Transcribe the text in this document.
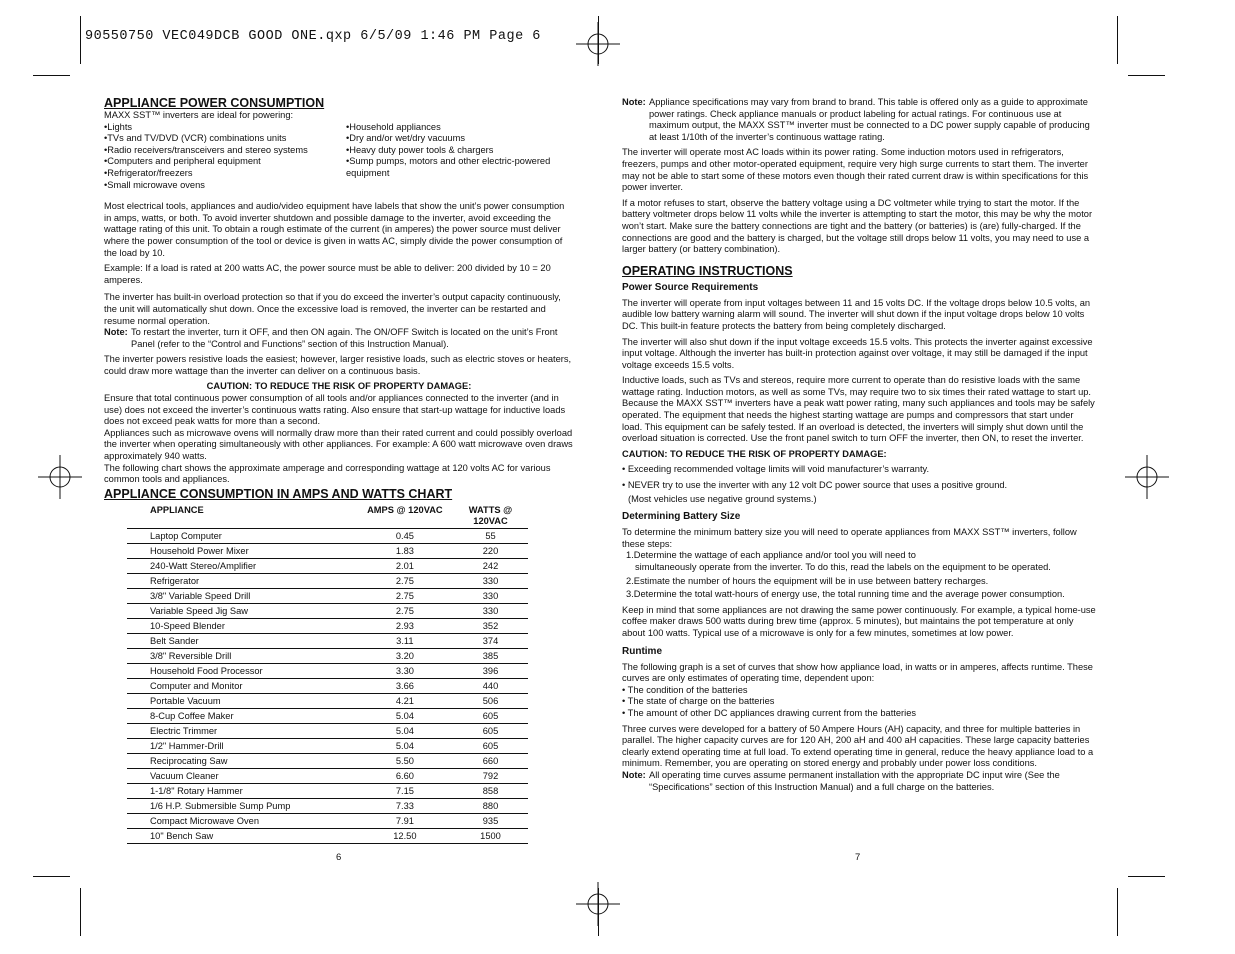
90550750 VEC049DCB GOOD ONE.qxp 6/5/09 1:46 PM Page 6
APPLIANCE POWER CONSUMPTION

MAXX SST™ inverters are ideal for powering:

•Lights
•TVs and TV/DVD (VCR) combinations units
•Radio receivers/transceivers and stereo systems
•Computers and peripheral equipment
•Refrigerator/freezers
•Small microwave ovens
•Household appliances
•Dry and/or wet/dry vacuums
•Heavy duty power tools & chargers
•Sump pumps, motors and other electric-powered equipment

Most electrical tools, appliances and audio/video equipment have labels that show the unit’s power consumption in amps, watts, or both. To avoid inverter shutdown and possible damage to the inverter, avoid exceeding the wattage rating of this unit. To obtain a rough estimate of the current (in amperes) the power source must deliver where the power consumption of the tool or device is given in watts AC, simply divide the power consumption of the load by 10.

Example: If a load is rated at 200 watts AC, the power source must be able to deliver: 200 divided by 10 = 20 amperes.

The inverter has built-in overload protection so that if you do exceed the inverter’s output capacity continuously, the unit will automatically shut down. Once the excessive load is removed, the inverter can be restarted and resume normal operation.

Note: To restart the inverter, turn it OFF, and then ON again. The ON/OFF Switch is located on the unit’s Front Panel (refer to the “Control and Functions” section of this Instruction Manual).

The inverter powers resistive loads the easiest; however, larger resistive loads, such as electric stoves or heaters, could draw more wattage than the inverter can deliver on a continuous basis.

CAUTION: TO REDUCE THE RISK OF PROPERTY DAMAGE:

Ensure that total continuous power consumption of all tools and/or appliances connected to the inverter (and in use) does not exceed the inverter’s continuous watts rating. Also ensure that start-up wattage for inductive loads does not exceed peak watts for more than a second.

Appliances such as microwave ovens will normally draw more than their rated current and could possibly overload the inverter when operating simultaneously with other appliances. For example: A 600 watt microwave oven draws approximately 940 watts.

The following chart shows the approximate amperage and corresponding wattage at 120 volts AC for various common tools and appliances.

APPLIANCE CONSUMPTION IN AMPS AND WATTS CHART
APPLIANCE	AMPS @ 120VAC	WATTS @ 120VAC
Laptop Computer	0.45	55
Household Power Mixer	1.83	220
240-Watt Stereo/Amplifier	2.01	242
Refrigerator	2.75	330
3/8" Variable Speed Drill	2.75	330
Variable Speed Jig Saw	2.75	330
10-Speed Blender	2.93	352
Belt Sander	3.11	374
3/8" Reversible Drill	3.20	385
Household Food Processor	3.30	396
Computer and Monitor	3.66	440
Portable Vacuum	4.21	506
8-Cup Coffee Maker	5.04	605
Electric Trimmer	5.04	605
1/2" Hammer-Drill	5.04	605
Reciprocating Saw	5.50	660
Vacuum Cleaner	6.60	792
1-1/8" Rotary Hammer	7.15	858
1/6 H.P. Submersible Sump Pump	7.33	880
Compact Microwave Oven	7.91	935
10" Bench Saw	12.50	1500
6
Note: Appliance specifications may vary from brand to brand. This table is offered only as a guide to approximate power ratings. Check appliance manuals or product labeling for actual ratings. For continuous use at maximum output, the MAXX SST™ inverter must be connected to a DC power supply capable of producing at least 1/10th of the inverter’s continuous wattage rating.

The inverter will operate most AC loads within its power rating. Some induction motors used in refrigerators, freezers, pumps and other motor-operated equipment, require very high surge currents to start them. The inverter may not be able to start some of these motors even though their rated current draw is within specifications for this power inverter.

If a motor refuses to start, observe the battery voltage using a DC voltmeter while trying to start the motor. If the battery voltmeter drops below 11 volts while the inverter is attempting to start the motor, this may be why the motor won’t start. Make sure the battery connections are tight and the battery (or batteries) is (are) fully-charged. If the connections are good and the battery is charged, but the voltage still drops below 11 volts, you may need to use a larger battery (or battery combination).

OPERATING INSTRUCTIONS
Power Source Requirements

The inverter will operate from input voltages between 11 and 15 volts DC. If the voltage drops below 10.5 volts, an audible low battery warning alarm will sound. The inverter will shut down if the input voltage drops below 10 volts DC. This built-in feature protects the battery from being completely discharged.

The inverter will also shut down if the input voltage exceeds 15.5 volts. This protects the inverter against excessive input voltage. Although the inverter has built-in protection against over voltage, it may still be damaged if the input voltage exceeds 15.5 volts.

Inductive loads, such as TVs and stereos, require more current to operate than do resistive loads with the same wattage rating. Induction motors, as well as some TVs, may require two to six times their rated wattage to start up. Because the MAXX SST™ inverters have a peak watt power rating, many such appliances and tools may be safely operated. The equipment that needs the highest starting wattage are pumps and compressors that start under load. This equipment can be safely tested. If an overload is detected, the inverters will simply shut down until the overload situation is corrected. Use the front panel switch to turn OFF the inverter, then ON, to reset the inverter.

CAUTION: TO REDUCE THE RISK OF PROPERTY DAMAGE:

• Exceeding recommended voltage limits will void manufacturer’s warranty.

• NEVER try to use the inverter with any 12 volt DC power source that uses a positive ground.

(Most vehicles use negative ground systems.)

Determining Battery Size

To determine the minimum battery size you will need to operate appliances from MAXX SST™ inverters, follow these steps:

1.Determine the wattage of each appliance and/or tool you will need to

simultaneously operate from the inverter. To do this, read the labels on the equipment to be operated.

2.Estimate the number of hours the equipment will be in use between battery recharges.

3.Determine the total watt-hours of energy use, the total running time and the average power consumption.

Keep in mind that some appliances are not drawing the same power continuously. For example, a typical home-use coffee maker draws 500 watts during brew time (approx. 5 minutes), but maintains the pot temperature at only about 100 watts. Typical use of a microwave is only for a few minutes, sometimes at low power.

Runtime

The following graph is a set of curves that show how appliance load, in watts or in amperes, affects runtime. These curves are only estimates of operating time, dependent upon:

• The condition of the batteries

• The state of charge on the batteries

• The amount of other DC appliances drawing current from the batteries

Three curves were developed for a battery of 50 Ampere Hours (AH) capacity, and three for multiple batteries in parallel. The higher capacity curves are for 120 AH, 200 aH and 400 aH capacities. These large capacity batteries clearly extend operating time at full load. To extend operating time in general, reduce the heavy appliance load to a minimum. Remember, you are operating on stored energy and probably under power loss conditions.

Note: All operating time curves assume permanent installation with the appropriate DC input wire (See the “Specifications” section of this Instruction Manual) and a full charge on the batteries.
7
